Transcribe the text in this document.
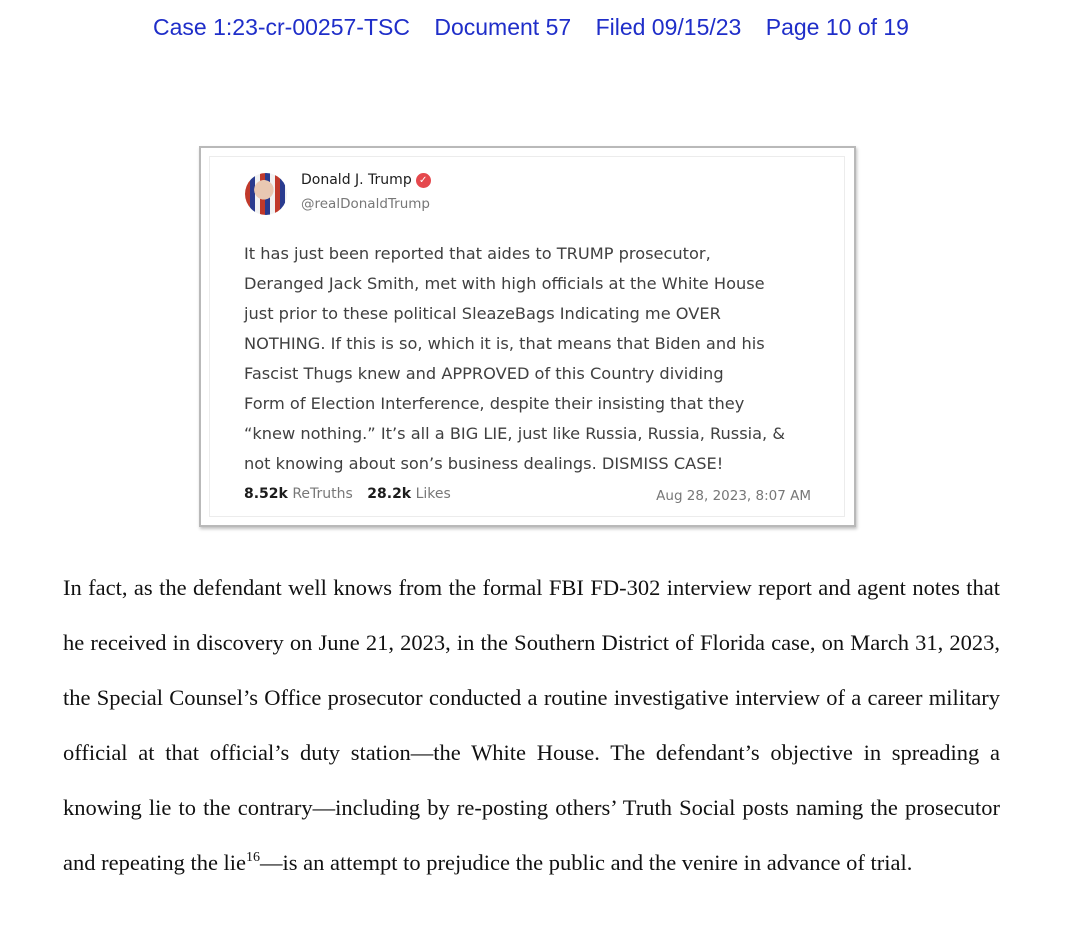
Case 1:23-cr-00257-TSC Document 57 Filed 09/15/23 Page 10 of 19
Donald J. Trump ✓
@realDonaldTrump

It has just been reported that aides to TRUMP prosecutor,
Deranged Jack Smith, met with high officials at the White House
just prior to these political SleazeBags Indicating me OVER
NOTHING. If this is so, which it is, that means that Biden and his
Fascist Thugs knew and APPROVED of this Country dividing
Form of Election Interference, despite their insisting that they
“knew nothing.” It’s all a BIG LIE, just like Russia, Russia, Russia, &
not knowing about son’s business dealings. DISMISS CASE!

8.52k ReTruths 28.2k Likes	Aug 28, 2023, 8:07 AM

In fact, as the defendant well knows from the formal FBI FD-302 interview report and agent notes that he received in discovery on June 21, 2023, in the Southern District of Florida case, on March 31, 2023, the Special Counsel’s Office prosecutor conducted a routine investigative interview of a career military official at that official’s duty station—the White House. The defendant’s objective in spreading a knowing lie to the contrary—including by re-posting others’ Truth Social posts naming the prosecutor and repeating the lie$^{16}$—is an attempt to prejudice the public and the venire in advance of trial.
